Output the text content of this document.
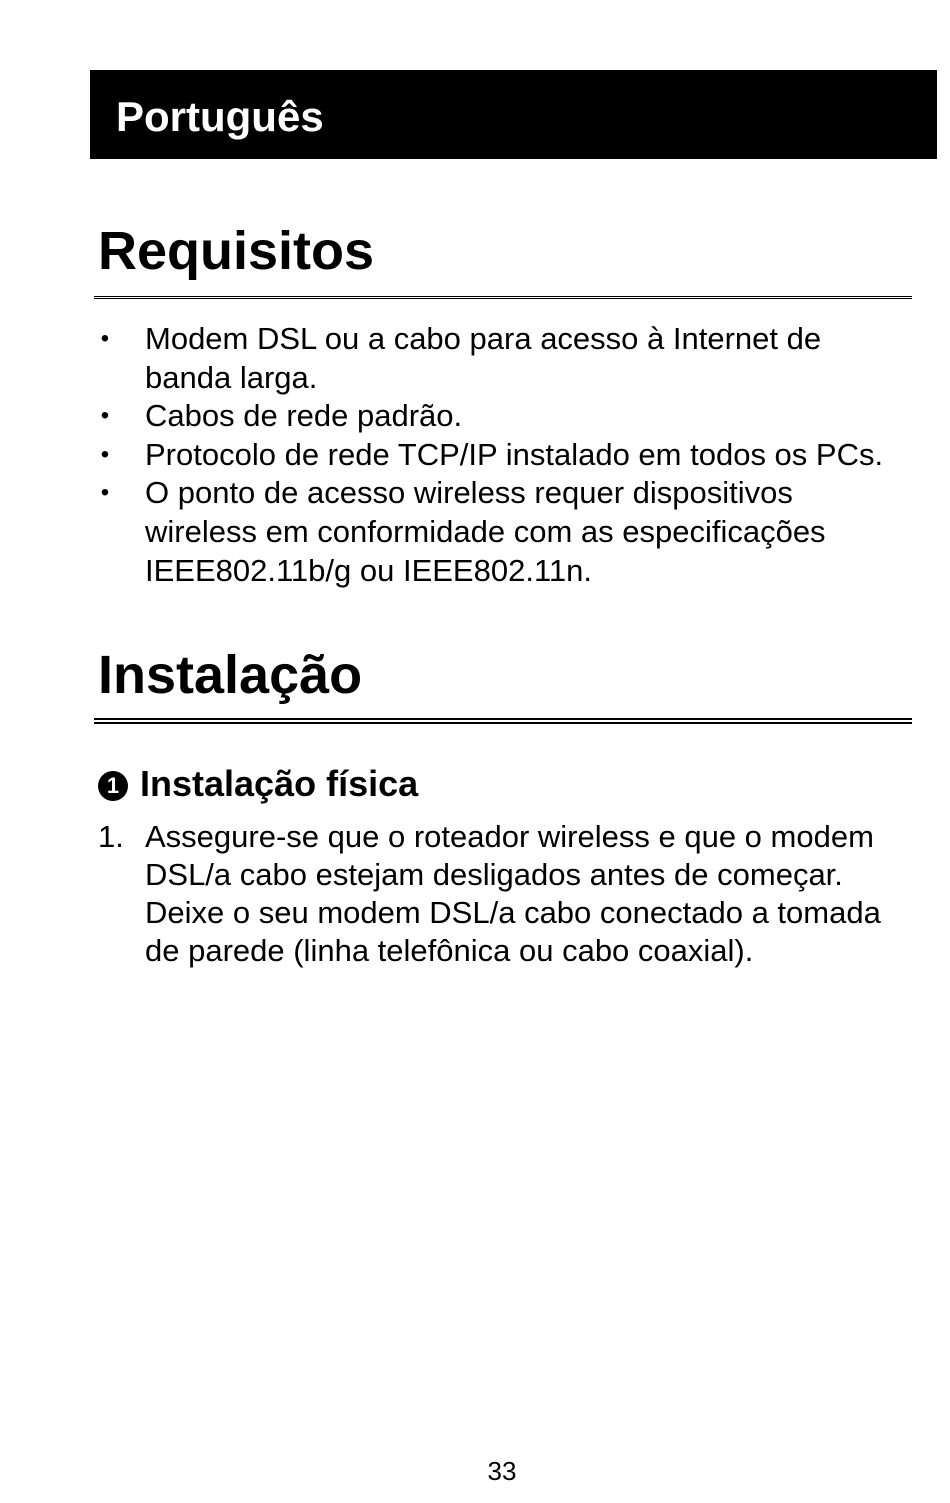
Português
Requisitos
• Modem DSL ou a cabo para acesso à Internet de banda larga.
• Cabos de rede padrão.
• Protocolo de rede TCP/IP instalado em todos os PCs.
• O ponto de acesso wireless requer dispositivos wireless em conformidade com as especificações IEEE802.11b/g ou IEEE802.11n.
Instalação
1 Instalação física
1. Assegure-se que o roteador wireless e que o modem DSL/a cabo estejam desligados antes de começar. Deixe o seu modem DSL/a cabo conectado a tomada de parede (linha telefônica ou cabo coaxial).
33
